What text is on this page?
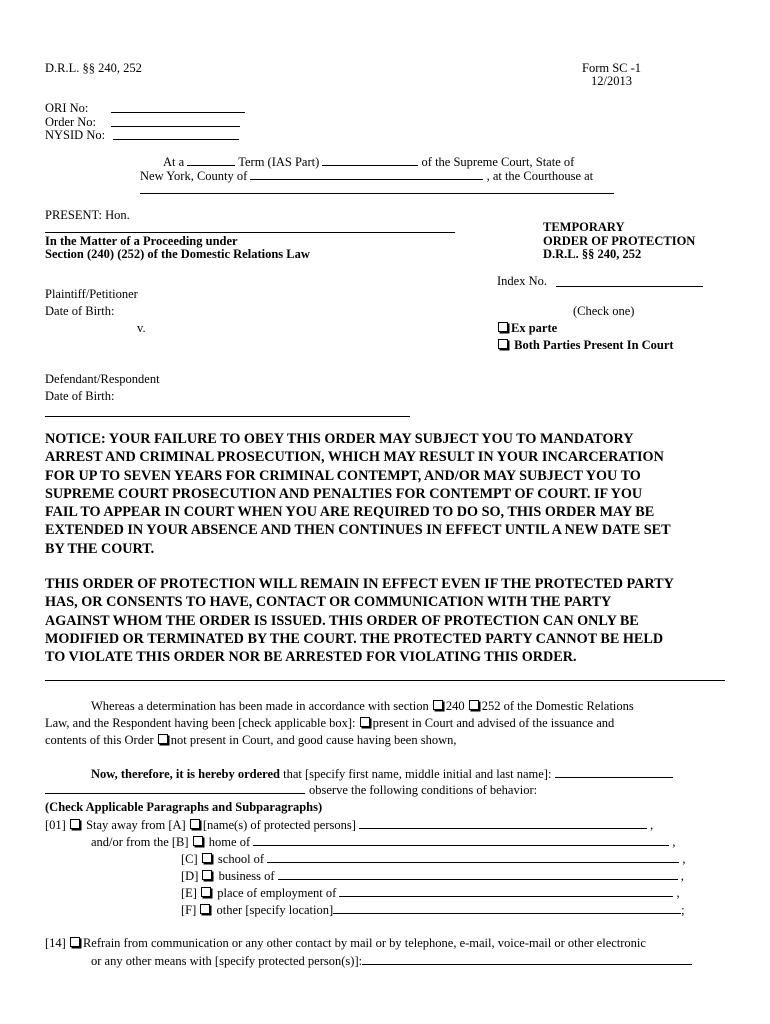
D.R.L. §§ 240, 252	Form SC -1
12/2013
ORI No:
Order No:
NYSID No:
At a	Term (IAS Part)	of the Supreme Court, State of
New York, County of	, at the Courthouse at
PRESENT: Hon.
In the Matter of a Proceeding under
Section (240) (252) of the Domestic Relations Law
TEMPORARY
ORDER OF PROTECTION
D.R.L. §§ 240, 252
Index No.
(Check one)
Ex parte
Both Parties Present In Court
Plaintiff/Petitioner
Date of Birth:
v.
Defendant/Respondent
Date of Birth:
NOTICE: YOUR FAILURE TO OBEY THIS ORDER MAY SUBJECT YOU TO MANDATORY
ARREST AND CRIMINAL PROSECUTION, WHICH MAY RESULT IN YOUR INCARCERATION
FOR UP TO SEVEN YEARS FOR CRIMINAL CONTEMPT, AND/OR MAY SUBJECT YOU TO
SUPREME COURT PROSECUTION AND PENALTIES FOR CONTEMPT OF COURT. IF YOU
FAIL TO APPEAR IN COURT WHEN YOU ARE REQUIRED TO DO SO, THIS ORDER MAY BE
EXTENDED IN YOUR ABSENCE AND THEN CONTINUES IN EFFECT UNTIL A NEW DATE SET
BY THE COURT.
THIS ORDER OF PROTECTION WILL REMAIN IN EFFECT EVEN IF THE PROTECTED PARTY
HAS, OR CONSENTS TO HAVE, CONTACT OR COMMUNICATION WITH THE PARTY
AGAINST WHOM THE ORDER IS ISSUED. THIS ORDER OF PROTECTION CAN ONLY BE
MODIFIED OR TERMINATED BY THE COURT. THE PROTECTED PARTY CANNOT BE HELD
TO VIOLATE THIS ORDER NOR BE ARRESTED FOR VIOLATING THIS ORDER.
Whereas a determination has been made in accordance with section 240 252 of the Domestic Relations
Law, and the Respondent having been [check applicable box]: present in Court and advised of the issuance and
contents of this Order not present in Court, and good cause having been shown,
Now, therefore, it is hereby ordered that [specify first name, middle initial and last name]:
observe the following conditions of behavior:
(Check Applicable Paragraphs and Subparagraphs)
[01] Stay away from [A] [name(s) of protected persons]	,
and/or from the [B] home of	,
[C] school of	,
[D] business of	,
[E] place of employment of	,
[F] other [specify location]	;
[14] Refrain from communication or any other contact by mail or by telephone, e-mail, voice-mail or other electronic
or any other means with [specify protected person(s)]:
